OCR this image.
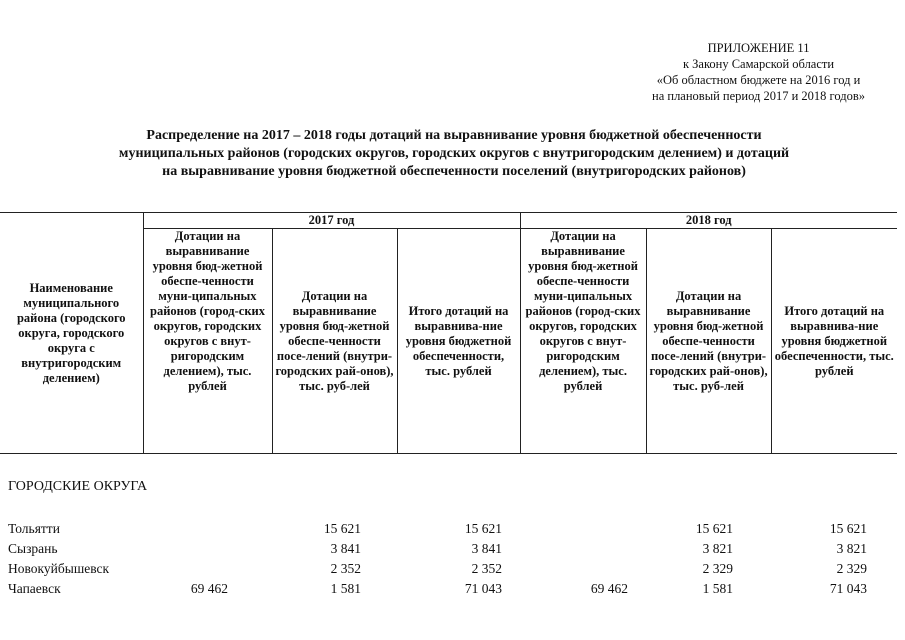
ПРИЛОЖЕНИЕ 11
к Закону Самарской области
«Об областном бюджете на 2016 год и
на плановый период 2017 и 2018 годов»
Распределение на 2017 – 2018 годы дотаций на выравнивание уровня бюджетной обеспеченности
муниципальных районов (городских округов, городских округов с внутригородским делением) и дотаций
на выравнивание уровня бюджетной обеспеченности поселений (внутригородских районов)
Наименование муниципального района (городского округа, городского округа с внутригородским делением)	2017 год			2018 год		
	Дотации на выравнивание уровня бюд-жетной обеспе-ченности муни-ципальных районов (город-ских округов, городских округов с внут-ригородским делением), тыс. рублей	Дотации на выравнивание уровня бюд-жетной обеспе-ченности посе-лений (внутри-городских рай-онов), тыс. руб-лей	Итого дотаций на выравнива-ние уровня бюджетной обеспеченности, тыс. рублей	Дотации на выравнивание уровня бюд-жетной обеспе-ченности муни-ципальных районов (город-ских округов, городских округов с внут-ригородским делением), тыс. рублей	Дотации на выравнивание уровня бюд-жетной обеспе-ченности посе-лений (внутри-городских рай-онов), тыс. руб-лей	Итого дотаций на выравнива-ние уровня бюджетной обеспеченности, тыс. рублей
ГОРОДСКИЕ ОКРУГА
Тольятти		15 621	15 621		15 621	15 621
Сызрань		3 841	3 841		3 821	3 821
Новокуйбышевск		2 352	2 352		2 329	2 329
Чапаевск	69 462	1 581	71 043	69 462	1 581	71 043
